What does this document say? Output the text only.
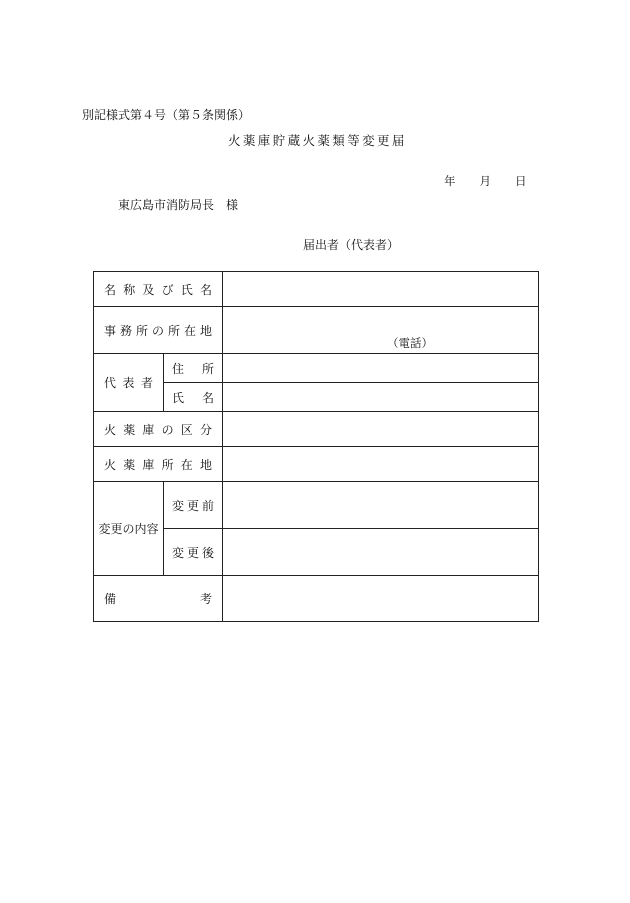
別記様式第４号（第５条関係）
火薬庫貯蔵火薬類等変更届
年 月 日
東広島市消防局長　様
届出者（代表者）
名称及び氏名		
事務所の所在地		（電話）

代表者	住所	
	氏名	
火薬庫の区分		
火薬庫所在地		
変更の内容	変更前	
	変更後	
備考		
